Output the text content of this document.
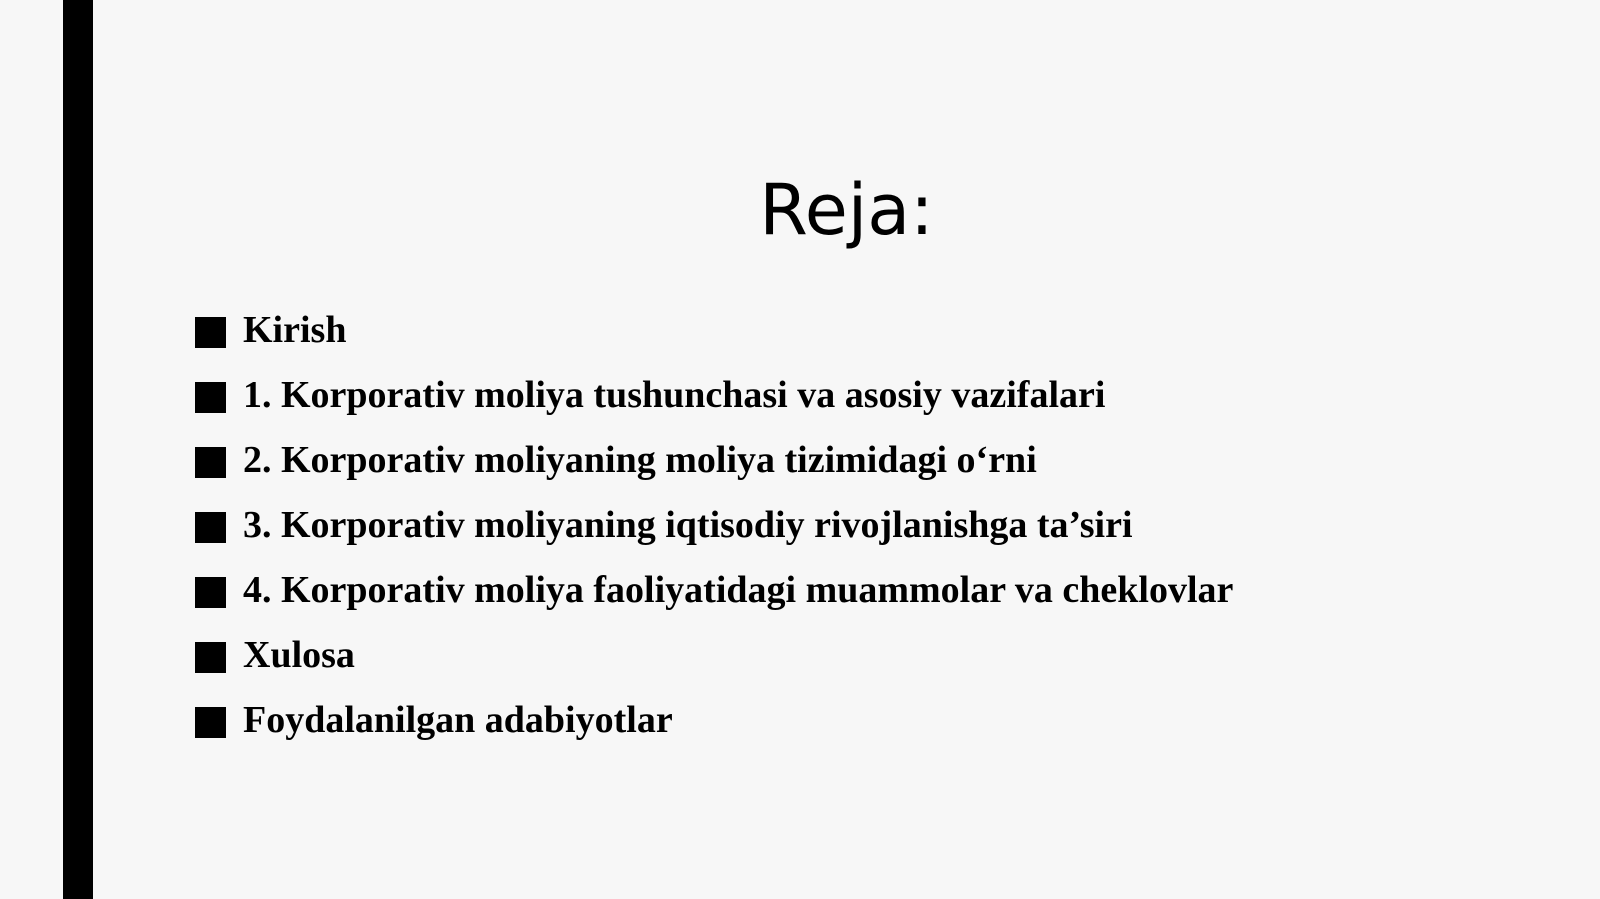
Reja:
Kirish
1. Korporativ moliya tushunchasi va asosiy vazifalari
2. Korporativ moliyaning moliya tizimidagi o‘rni
3. Korporativ moliyaning iqtisodiy rivojlanishga ta’siri
4. Korporativ moliya faoliyatidagi muammolar va cheklovlar
Xulosa
Foydalanilgan adabiyotlar
